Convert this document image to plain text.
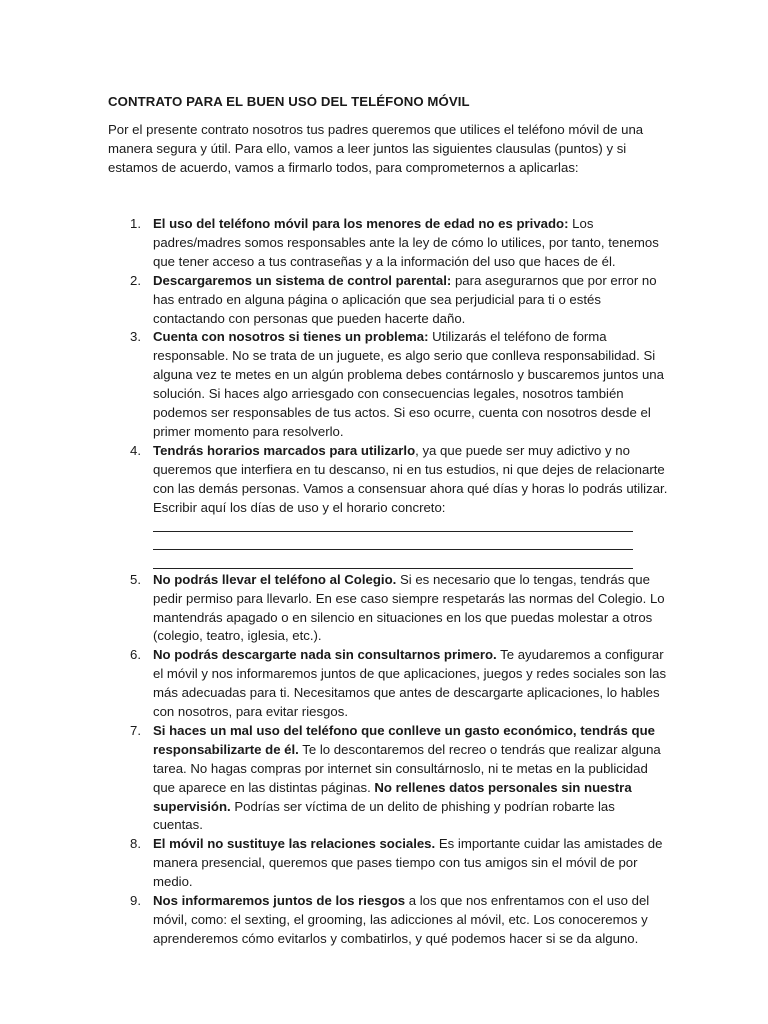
CONTRATO PARA EL BUEN USO DEL TELÉFONO MÓVIL
Por el presente contrato nosotros tus padres queremos que utilices el teléfono móvil de una manera segura y útil. Para ello, vamos a leer juntos las siguientes clausulas (puntos) y si estamos de acuerdo, vamos a firmarlo todos, para comprometernos a aplicarlas:
1. El uso del teléfono móvil para los menores de edad no es privado: Los padres/madres somos responsables ante la ley de cómo lo utilices, por tanto, tenemos que tener acceso a tus contraseñas y a la información del uso que haces de él.
2. Descargaremos un sistema de control parental: para asegurarnos que por error no has entrado en alguna página o aplicación que sea perjudicial para ti o estés contactando con personas que pueden hacerte daño.
3. Cuenta con nosotros si tienes un problema: Utilizarás el teléfono de forma responsable. No se trata de un juguete, es algo serio que conlleva responsabilidad. Si alguna vez te metes en un algún problema debes contárnoslo y buscaremos juntos una solución. Si haces algo arriesgado con consecuencias legales, nosotros también podemos ser responsables de tus actos. Si eso ocurre, cuenta con nosotros desde el primer momento para resolverlo.
4. Tendrás horarios marcados para utilizarlo, ya que puede ser muy adictivo y no queremos que interfiera en tu descanso, ni en tus estudios, ni que dejes de relacionarte con las demás personas. Vamos a consensuar ahora qué días y horas lo podrás utilizar. Escribir aquí los días de uso y el horario concreto:
5. No podrás llevar el teléfono al Colegio. Si es necesario que lo tengas, tendrás que pedir permiso para llevarlo. En ese caso siempre respetarás las normas del Colegio. Lo mantendrás apagado o en silencio en situaciones en los que puedas molestar a otros (colegio, teatro, iglesia, etc.).
6. No podrás descargarte nada sin consultarnos primero. Te ayudaremos a configurar el móvil y nos informaremos juntos de que aplicaciones, juegos y redes sociales son las más adecuadas para ti. Necesitamos que antes de descargarte aplicaciones, lo hables con nosotros, para evitar riesgos.
7. Si haces un mal uso del teléfono que conlleve un gasto económico, tendrás que responsabilizarte de él. Te lo descontaremos del recreo o tendrás que realizar alguna tarea. No hagas compras por internet sin consultárnoslo, ni te metas en la publicidad que aparece en las distintas páginas. No rellenes datos personales sin nuestra supervisión. Podrías ser víctima de un delito de phishing y podrían robarte las cuentas.
8. El móvil no sustituye las relaciones sociales. Es importante cuidar las amistades de manera presencial, queremos que pases tiempo con tus amigos sin el móvil de por medio.
9. Nos informaremos juntos de los riesgos a los que nos enfrentamos con el uso del móvil, como: el sexting, el grooming, las adicciones al móvil, etc. Los conoceremos y aprenderemos cómo evitarlos y combatirlos, y qué podemos hacer si se da alguno.
